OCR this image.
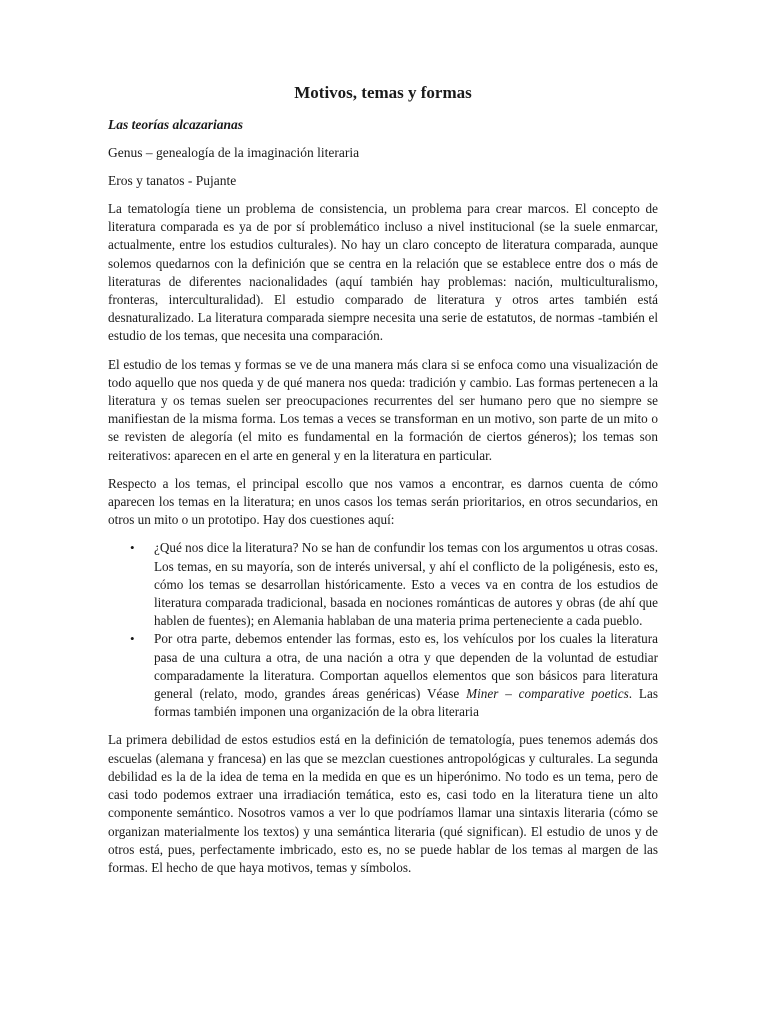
Motivos, temas y formas
Las teorías alcazarianas
Genus – genealogía de la imaginación literaria
Eros y tanatos - Pujante

La tematología tiene un problema de consistencia, un problema para crear marcos. El concepto de literatura comparada es ya de por sí problemático incluso a nivel institucional (se la suele enmarcar, actualmente, entre los estudios culturales). No hay un claro concepto de literatura comparada, aunque solemos quedarnos con la definición que se centra en la relación que se establece entre dos o más de literaturas de diferentes nacionalidades (aquí también hay problemas: nación, multiculturalismo, fronteras, interculturalidad). El estudio comparado de literatura y otros artes también está desnaturalizado. La literatura comparada siempre necesita una serie de estatutos, de normas -también el estudio de los temas, que necesita una comparación.

El estudio de los temas y formas se ve de una manera más clara si se enfoca como una visualización de todo aquello que nos queda y de qué manera nos queda: tradición y cambio. Las formas pertenecen a la literatura y os temas suelen ser preocupaciones recurrentes del ser humano pero que no siempre se manifiestan de la misma forma. Los temas a veces se transforman en un motivo, son parte de un mito o se revisten de alegoría (el mito es fundamental en la formación de ciertos géneros); los temas son reiterativos: aparecen en el arte en general y en la literatura en particular.

Respecto a los temas, el principal escollo que nos vamos a encontrar, es darnos cuenta de cómo aparecen los temas en la literatura; en unos casos los temas serán prioritarios, en otros secundarios, en otros un mito o un prototipo. Hay dos cuestiones aquí:

• ¿Qué nos dice la literatura? No se han de confundir los temas con los argumentos u otras cosas. Los temas, en su mayoría, son de interés universal, y ahí el conflicto de la poligénesis, esto es, cómo los temas se desarrollan históricamente. Esto a veces va en contra de los estudios de literatura comparada tradicional, basada en nociones románticas de autores y obras (de ahí que hablen de fuentes); en Alemania hablaban de una materia prima perteneciente a cada pueblo.
• Por otra parte, debemos entender las formas, esto es, los vehículos por los cuales la literatura pasa de una cultura a otra, de una nación a otra y que dependen de la voluntad de estudiar comparadamente la literatura. Comportan aquellos elementos que son básicos para literatura general (relato, modo, grandes áreas genéricas) Véase Miner – comparative poetics. Las formas también imponen una organización de la obra literaria

La primera debilidad de estos estudios está en la definición de tematología, pues tenemos además dos escuelas (alemana y francesa) en las que se mezclan cuestiones antropológicas y culturales. La segunda debilidad es la de la idea de tema en la medida en que es un hiperónimo. No todo es un tema, pero de casi todo podemos extraer una irradiación temática, esto es, casi todo en la literatura tiene un alto componente semántico. Nosotros vamos a ver lo que podríamos llamar una sintaxis literaria (cómo se organizan materialmente los textos) y una semántica literaria (qué significan). El estudio de unos y de otros está, pues, perfectamente imbricado, esto es, no se puede hablar de los temas al margen de las formas. El hecho de que haya motivos, temas y símbolos.
